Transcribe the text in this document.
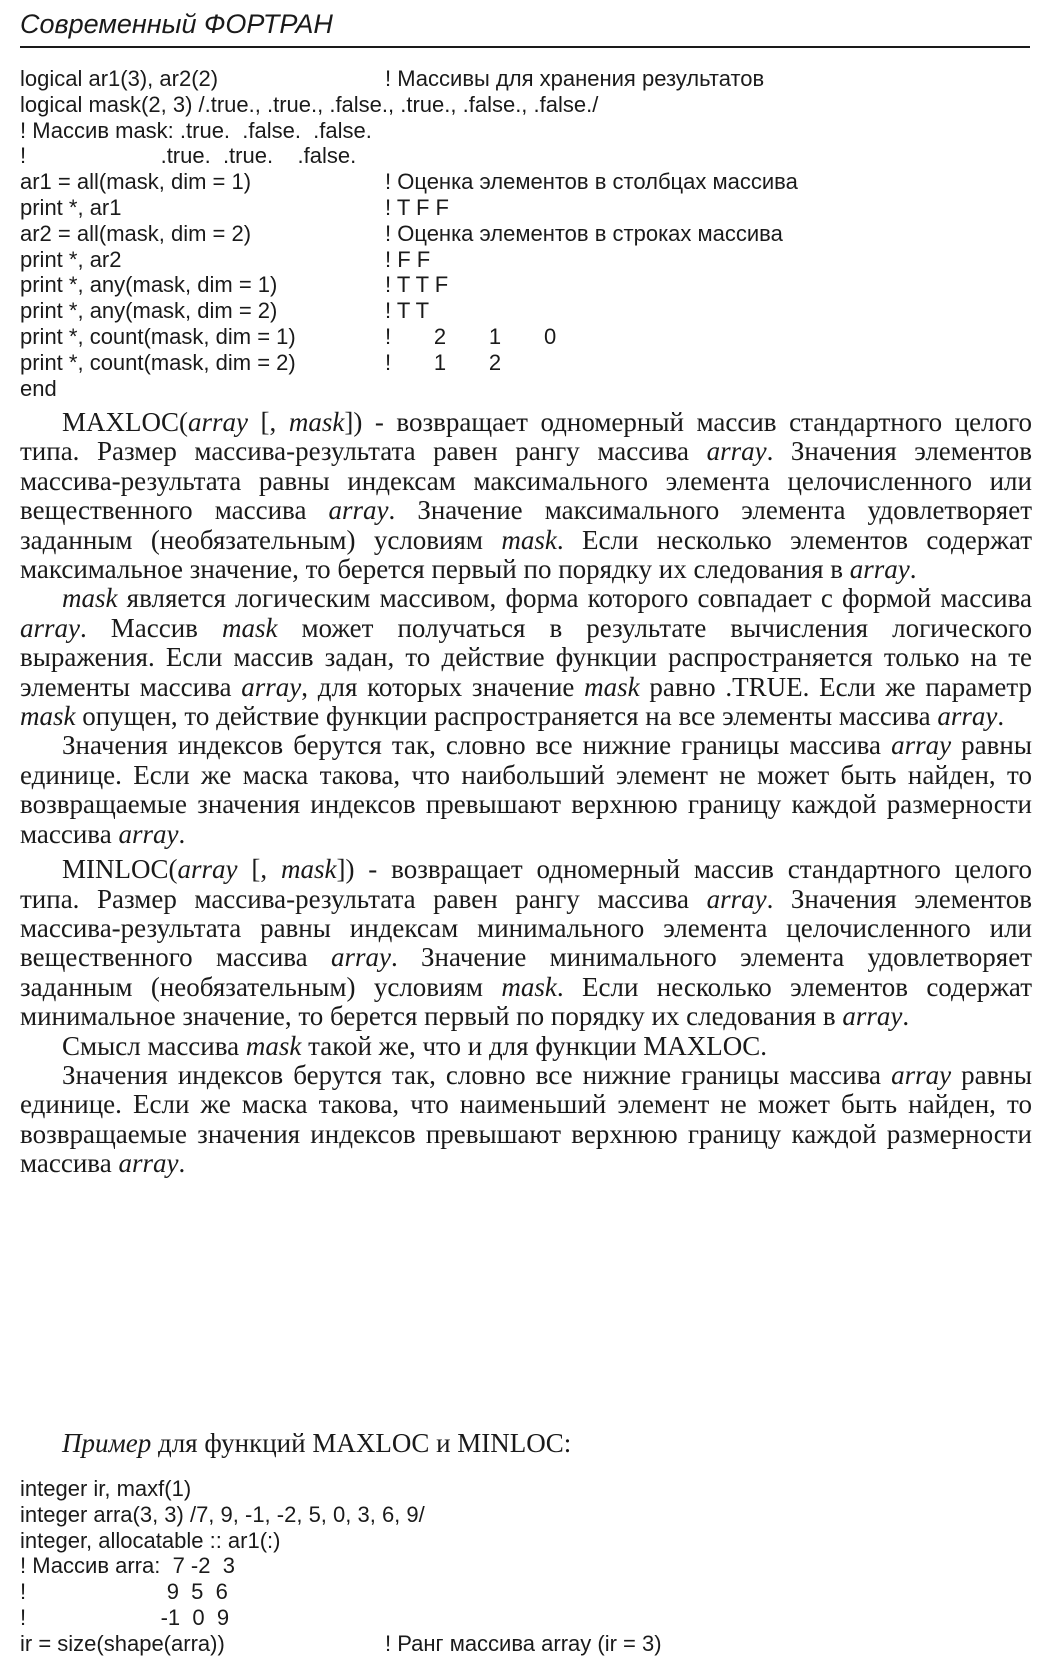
Современный ФОРТРАН
logical ar1(3), ar2(2)	! Массивы для хранения результатов
logical mask(2, 3) /.true., .true., .false., .true., .false., .false./
! Массив mask: .true.  .false.  .false.
!                      .true.  .true.    .false.
ar1 = all(mask, dim = 1)	! Оценка элементов в столбцах массива
print *, ar1	! T F F
ar2 = all(mask, dim = 2)	! Оценка элементов в строках массива
print *, ar2	! F F
print *, any(mask, dim = 1)	! T T F
print *, any(mask, dim = 2)	! T T
print *, count(mask, dim = 1)	!       2       1       0
print *, count(mask, dim = 2)	!       1       2
end

MAXLOC(array [, mask]) - возвращает одномерный массив стандартного целого типа. Размер массива-результата равен рангу массива array. Значения элементов массива-результата равны индексам максимального элемента целочисленного или вещественного массива array. Значение максимального элемента удовлетворяет заданным (необязательным) условиям mask. Если несколько элементов содержат максимальное значение, то берется первый по порядку их следования в array.

mask является логическим массивом, форма которого совпадает с формой массива array. Массив mask может получаться в результате вычисления логического выражения. Если массив задан, то действие функции распространяется только на те элементы массива array, для которых значение mask равно .TRUE. Если же параметр mask опущен, то действие функции распространяется на все элементы массива array.

Значения индексов берутся так, словно все нижние границы массива array равны единице. Если же маска такова, что наибольший элемент не может быть найден, то возвращаемые значения индексов превышают верхнюю границу каждой размерности массива array.

MINLOC(array [, mask]) - возвращает одномерный массив стандартного целого типа. Размер массива-результата равен рангу массива array. Значения элементов массива-результата равны индексам минимального элемента целочисленного или вещественного массива array. Значение минимального элемента удовлетворяет заданным (необязательным) условиям mask. Если несколько элементов содержат минимальное значение, то берется первый по порядку их следования в array.

Смысл массива mask такой же, что и для функции MAXLOC.

Значения индексов берутся так, словно все нижние границы массива array равны единице. Если же маска такова, что наименьший элемент не может быть найден, то возвращаемые значения индексов превышают верхнюю границу каждой размерности массива array.

Пример для функций MAXLOC и MINLOC:
integer ir, maxf(1)
integer arra(3, 3) /7, 9, -1, -2, 5, 0, 3, 6, 9/
integer, allocatable :: ar1(:)
! Массив arra:  7 -2  3
!                       9  5  6
!                      -1  0  9
ir = size(shape(arra))	! Ранг массива array (ir = 3)
